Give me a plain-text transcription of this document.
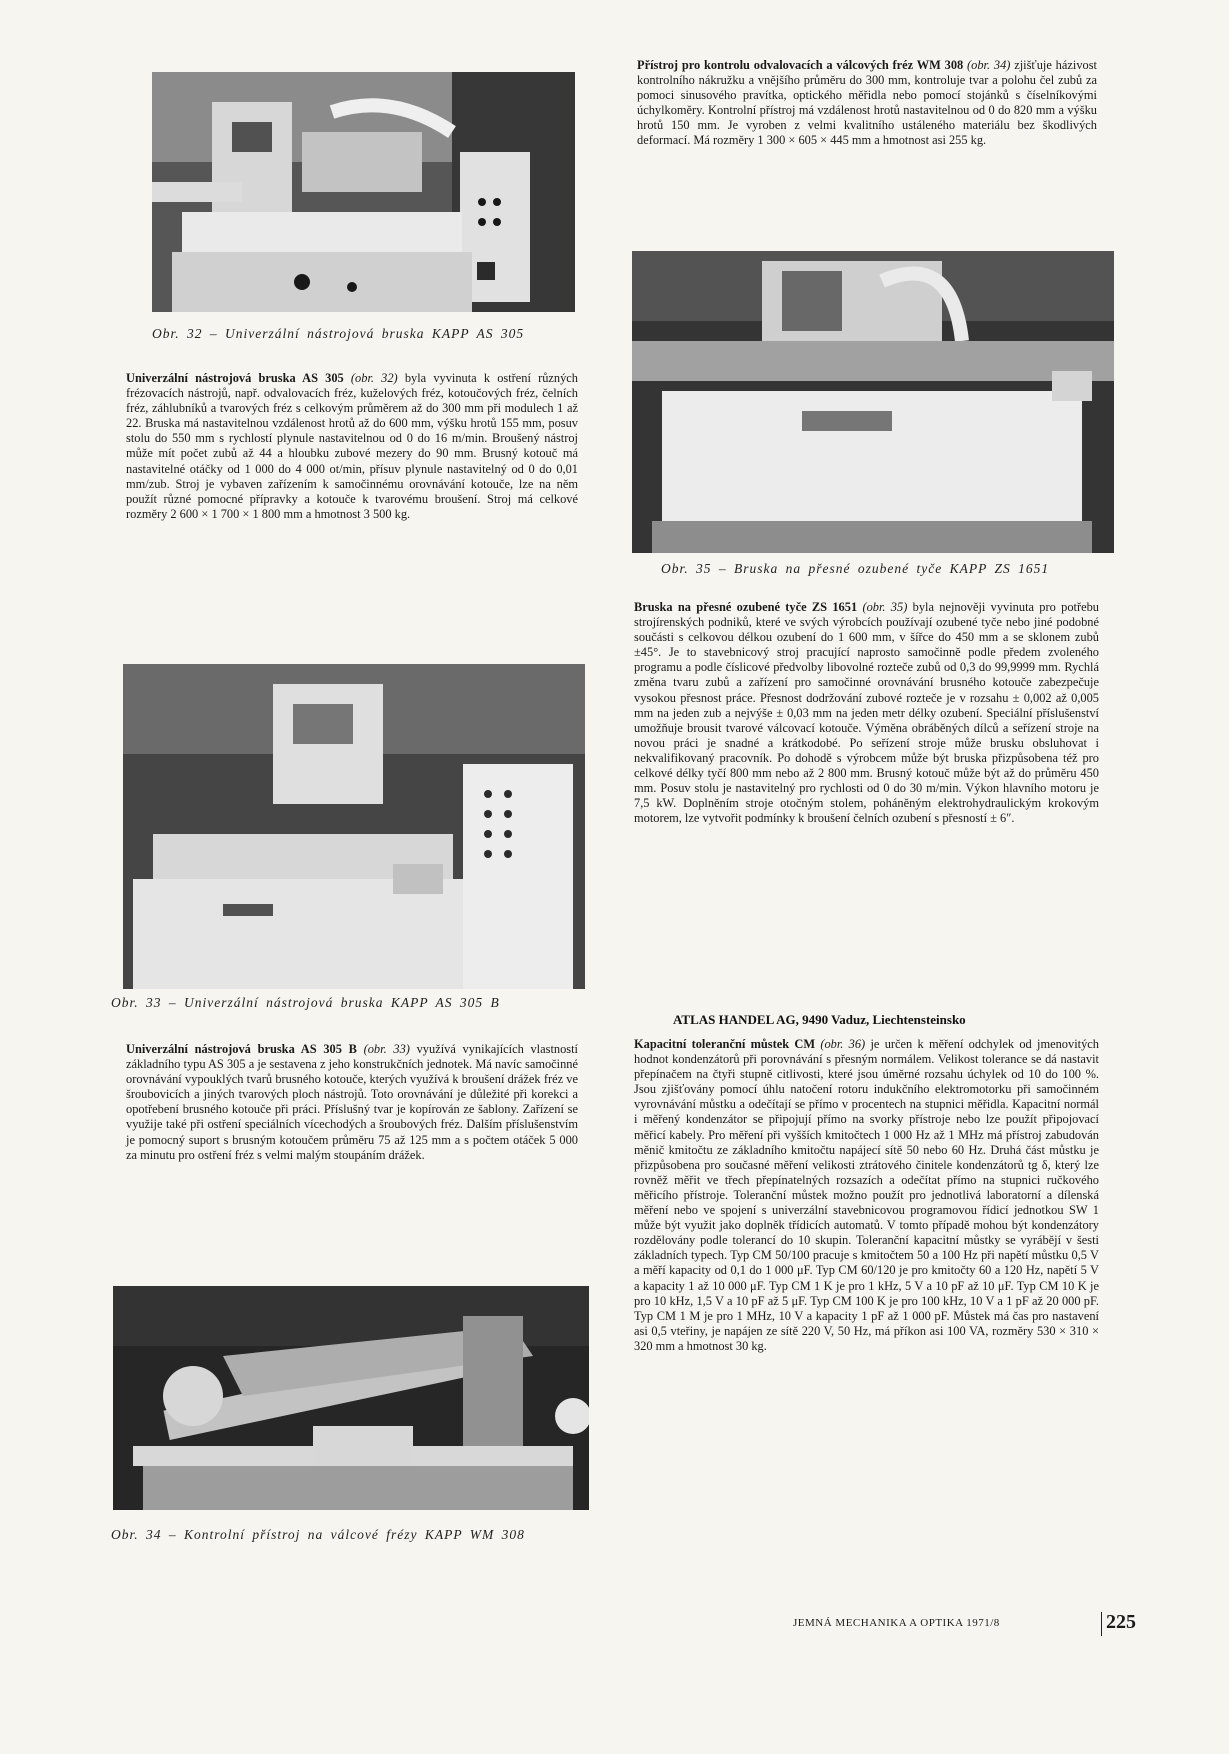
Obr. 32 – Univerzální nástrojová bruska KAPP AS 305

Univerzální nástrojová bruska AS 305 (obr. 32) byla vyvinuta k ostření různých frézovacích nástrojů, např. odvalovacích fréz, kuželových fréz, kotoučových fréz, čelních fréz, záhlubníků a tvarových fréz s celkovým průměrem až do 300 mm při modulech 1 až 22. Bruska má nastavitelnou vzdálenost hrotů až do 600 mm, výšku hrotů 155 mm, posuv stolu do 550 mm s rychlostí plynule nastavitelnou od 0 do 16 m/min. Broušený nástroj může mít počet zubů až 44 a hloubku zubové mezery do 90 mm. Brusný kotouč má nastavitelné otáčky od 1 000 do 4 000 ot/min, přísuv plynule nastavitelný od 0 do 0,01 mm/zub. Stroj je vybaven zařízením k samočinnému orovnávání kotouče, lze na něm použít různé pomocné přípravky a kotouče k tvarovému broušení. Stroj má celkové rozměry 2 600 × 1 700 × 1 800 mm a hmotnost 3 500 kg.

Obr. 33 – Univerzální nástrojová bruska KAPP AS 305 B

Univerzální nástrojová bruska AS 305 B (obr. 33) využívá vynikajících vlastností základního typu AS 305 a je sestavena z jeho konstrukčních jednotek. Má navíc samočinné orovnávání vypouklých tvarů brusného kotouče, kterých využívá k broušení drážek fréz ve šroubovicích a jiných tvarových ploch nástrojů. Toto orovnávání je důležité při korekci a opotřebení brusného kotouče při práci. Příslušný tvar je kopírován ze šablony. Zařízení se využije také při ostření speciálních vícechodých a šroubových fréz. Dalším příslušenstvím je pomocný suport s brusným kotoučem průměru 75 až 125 mm a s počtem otáček 5 000 za minutu pro ostření fréz s velmi malým stoupáním drážek.

Obr. 34 – Kontrolní přístroj na válcové frézy KAPP WM 308

Přístroj pro kontrolu odvalovacích a válcových fréz WM 308 (obr. 34) zjišťuje házivost kontrolního nákružku a vnějšího průměru do 300 mm, kontroluje tvar a polohu čel zubů za pomoci sinusového pravítka, optického měřidla nebo pomocí stojánků s číselníkovými úchylkoměry. Kontrolní přístroj má vzdálenost hrotů nastavitelnou od 0 do 820 mm a výšku hrotů 150 mm. Je vyroben z velmi kvalitního ustáleného materiálu bez škodlivých deformací. Má rozměry 1 300 × 605 × 445 mm a hmotnost asi 255 kg.

Obr. 35 – Bruska na přesné ozubené tyče KAPP ZS 1651

Bruska na přesné ozubené tyče ZS 1651 (obr. 35) byla nejnověji vyvinuta pro potřebu strojírenských podniků, které ve svých výrobcích používají ozubené tyče nebo jiné podobné součásti s celkovou délkou ozubení do 1 600 mm, v šířce do 450 mm a se sklonem zubů ±45°. Je to stavebnicový stroj pracující naprosto samočinně podle předem zvoleného programu a podle číslicové předvolby libovolné rozteče zubů od 0,3 do 99,9999 mm. Rychlá změna tvaru zubů a zařízení pro samočinné orovnávání brusného kotouče zabezpečuje vysokou přesnost práce. Přesnost dodržování zubové rozteče je v rozsahu ± 0,002 až 0,005 mm na jeden zub a nejvýše ± 0,03 mm na jeden metr délky ozubení. Speciální příslušenství umožňuje brousit tvarové válcovací kotouče. Výměna obráběných dílců a seřízení stroje na novou práci je snadné a krátkodobé. Po seřízení stroje může brusku obsluhovat i nekvalifikovaný pracovník. Po dohodě s výrobcem může být bruska přizpůsobena též pro celkové délky tyčí 800 mm nebo až 2 800 mm. Brusný kotouč může být až do průměru 450 mm. Posuv stolu je nastavitelný pro rychlosti od 0 do 30 m/min. Výkon hlavního motoru je 7,5 kW. Doplněním stroje otočným stolem, poháněným elektrohydraulickým krokovým motorem, lze vytvořit podmínky k broušení čelních ozubení s přesností ± 6″.

ATLAS HANDEL AG, 9490 Vaduz, Liechtensteinsko

Kapacitní toleranční můstek CM (obr. 36) je určen k měření odchylek od jmenovitých hodnot kondenzátorů při porovnávání s přesným normálem. Velikost tolerance se dá nastavit přepínačem na čtyři stupně citlivosti, které jsou úměrné rozsahu úchylek od 10 do 100 %. Jsou zjišťovány pomocí úhlu natočení rotoru indukčního elektromotorku při samočinném vyrovnávání můstku a odečítají se přímo v procentech na stupnici měřidla. Kapacitní normál i měřený kondenzátor se připojují přímo na svorky přístroje nebo lze použít připojovací měřicí kabely. Pro měření při vyšších kmitočtech 1 000 Hz až 1 MHz má přístroj zabudován měnič kmitočtu ze základního kmitočtu napájecí sítě 50 nebo 60 Hz. Druhá část můstku je přizpůsobena pro současné měření velikosti ztrátového činitele kondenzátorů tg δ, který lze rovněž měřit ve třech přepínatelných rozsazích a odečítat přímo na stupnici ručkového měřicího přístroje. Toleranční můstek možno použít pro jednotlivá laboratorní a dílenská měření nebo ve spojení s univerzální stavebnicovou programovou řídicí jednotkou SW 1 může být využit jako doplněk třídicích automatů. V tomto případě mohou být kondenzátory rozdělovány podle tolerancí do 10 skupin. Toleranční kapacitní můstky se vyrábějí v šesti základních typech. Typ CM 50/100 pracuje s kmitočtem 50 a 100 Hz při napětí můstku 0,5 V a měří kapacity od 0,1 do 1 000 μF. Typ CM 60/120 je pro kmitočty 60 a 120 Hz, napětí 5 V a kapacity 1 až 10 000 μF. Typ CM 1 K je pro 1 kHz, 5 V a 10 pF až 10 μF. Typ CM 10 K je pro 10 kHz, 1,5 V a 10 pF až 5 μF. Typ CM 100 K je pro 100 kHz, 10 V a 1 pF až 20 000 pF. Typ CM 1 M je pro 1 MHz, 10 V a kapacity 1 pF až 1 000 pF. Můstek má čas pro nastavení asi 0,5 vteřiny, je napájen ze sítě 220 V, 50 Hz, má příkon asi 100 VA, rozměry 530 × 310 × 320 mm a hmotnost 30 kg.

JEMNÁ MECHANIKA A OPTIKA 1971/8	225
